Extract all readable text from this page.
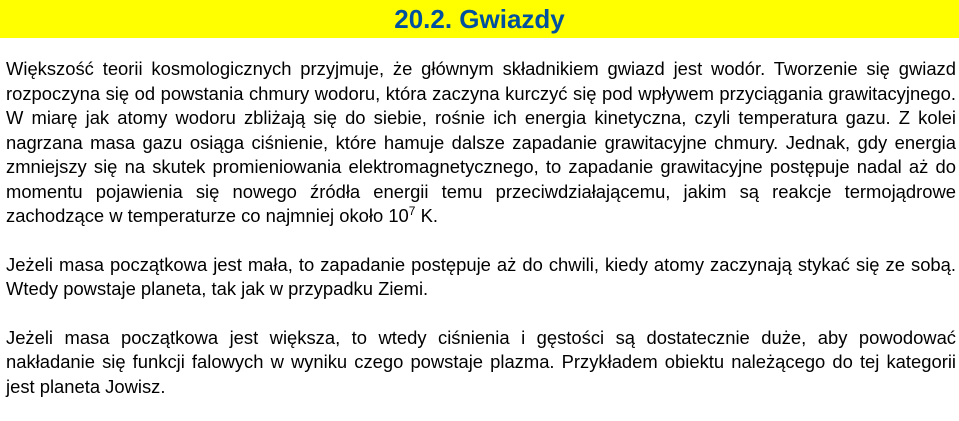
20.2. Gwiazdy

Większość teorii kosmologicznych przyjmuje, że głównym składnikiem gwiazd jest wodór. Tworzenie się gwiazd rozpoczyna się od powstania chmury wodoru, która zaczyna kurczyć się pod wpływem przyciągania grawitacyjnego. W miarę jak atomy wodoru zbliżają się do siebie, rośnie ich energia kinetyczna, czyli temperatura gazu. Z kolei nagrzana masa gazu osiąga ciśnienie, które hamuje dalsze zapadanie grawitacyjne chmury. Jednak, gdy energia zmniejszy się na skutek promieniowania elektromagnetycznego, to zapadanie grawitacyjne postępuje nadal aż do momentu pojawienia się nowego źródła energii temu przeciwdziałającemu, jakim są reakcje termojądrowe zachodzące w temperaturze co najmniej około $10^7$ K.

Jeżeli masa początkowa jest mała, to zapadanie postępuje aż do chwili, kiedy atomy zaczynają stykać się ze sobą. Wtedy powstaje planeta, tak jak w przypadku Ziemi.

Jeżeli masa początkowa jest większa, to wtedy ciśnienia i gęstości są dostatecznie duże, aby powodować nakładanie się funkcji falowych w wyniku czego powstaje plazma. Przykładem obiektu należącego do tej kategorii jest planeta Jowisz.
